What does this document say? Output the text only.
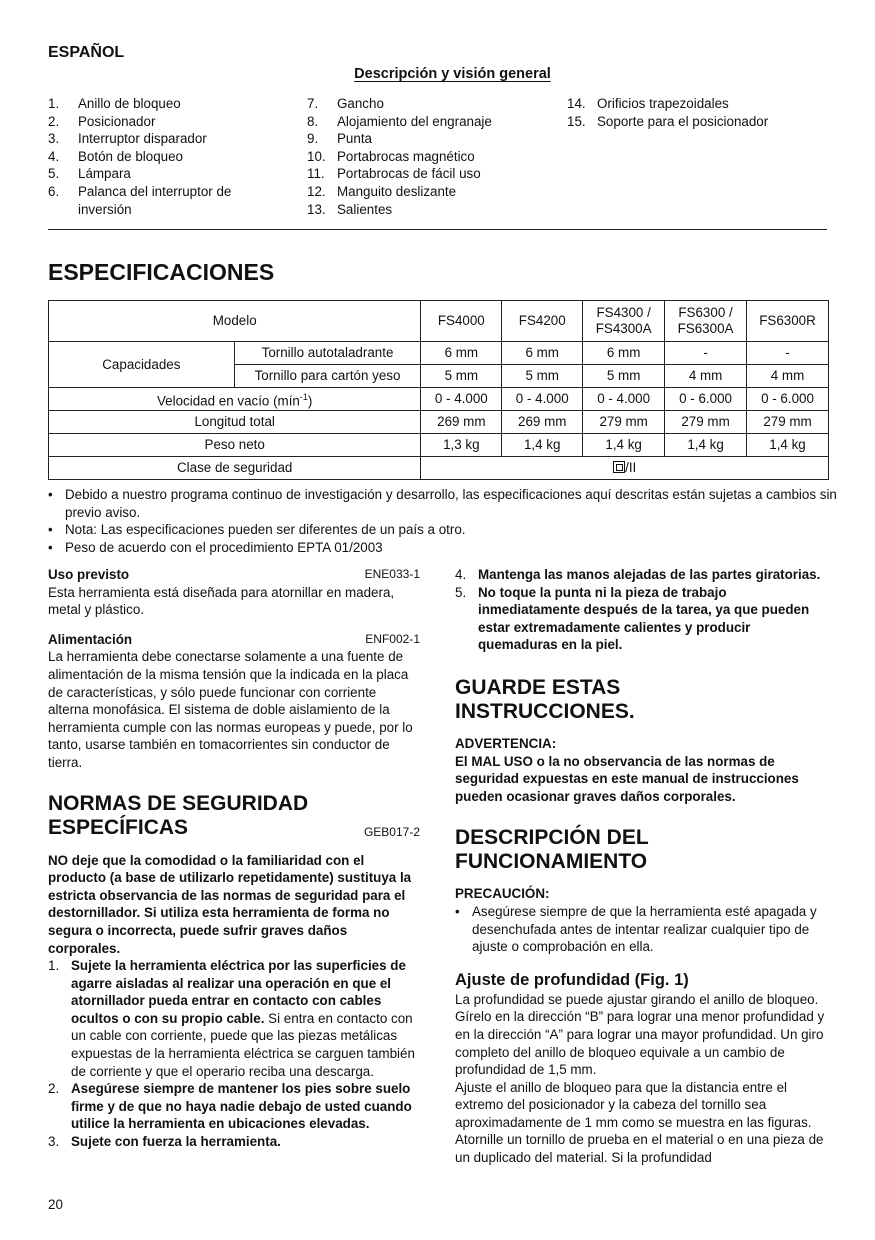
ESPAÑOL
Descripción y visión general
1.	Anillo de bloqueo
2.	Posicionador
3.	Interruptor disparador
4.	Botón de bloqueo
5.	Lámpara
6.	Palanca del interruptor de inversión
7.	Gancho
8.	Alojamiento del engranaje
9.	Punta
10. Portabrocas magnético
11. Portabrocas de fácil uso
12. Manguito deslizante
13. Salientes
14. Orificios trapezoidales
15. Soporte para el posicionador
ESPECIFICACIONES
Modelo		FS4000	FS4200	FS4300 / FS4300A	FS6300 / FS6300A	FS6300R
Capacidades	Tornillo autotaladrante	6 mm	6 mm	6 mm	-	-
	Tornillo para cartón yeso	5 mm	5 mm	5 mm	4 mm	4 mm
Velocidad en vacío (mín$^{-1}$)		0 - 4.000	0 - 4.000	0 - 4.000	0 - 6.000	0 - 6.000
Longitud total		269 mm	269 mm	279 mm	279 mm	279 mm
Peso neto		1,3 kg	1,4 kg	1,4 kg	1,4 kg	1,4 kg
Clase de seguridad		/II				
• Debido a nuestro programa continuo de investigación y desarrollo, las especificaciones aquí descritas están sujetas a cambios sin previo aviso.
• Nota: Las especificaciones pueden ser diferentes de un país a otro.
• Peso de acuerdo con el procedimiento EPTA 01/2003
Uso previsto	ENE033-1
Esta herramienta está diseñada para atornillar en madera, metal y plástico.
Alimentación	ENF002-1
La herramienta debe conectarse solamente a una fuente de alimentación de la misma tensión que la indicada en la placa de características, y sólo puede funcionar con corriente alterna monofásica. El sistema de doble aislamiento de la herramienta cumple con las normas europeas y puede, por lo tanto, usarse también en tomacorrientes sin conductor de tierra.
NORMAS DE SEGURIDAD
ESPECÍFICAS	GEB017-2
NO deje que la comodidad o la familiaridad con el producto (a base de utilizarlo repetidamente) sustituya la estricta observancia de las normas de seguridad para el destornillador. Si utiliza esta herramienta de forma no segura o incorrecta, puede sufrir graves daños corporales.
1. Sujete la herramienta eléctrica por las superficies de agarre aisladas al realizar una operación en que el atornillador pueda entrar en contacto con cables ocultos o con su propio cable. Si entra en contacto con un cable con corriente, puede que las piezas metálicas expuestas de la herramienta eléctrica se carguen también de corriente y que el operario reciba una descarga.
2. Asegúrese siempre de mantener los pies sobre suelo firme y de que no haya nadie debajo de usted cuando utilice la herramienta en ubicaciones elevadas.
3. Sujete con fuerza la herramienta.
4. Mantenga las manos alejadas de las partes giratorias.
5. No toque la punta ni la pieza de trabajo inmediatamente después de la tarea, ya que pueden estar extremadamente calientes y producir quemaduras en la piel.
GUARDE ESTAS
INSTRUCCIONES.
ADVERTENCIA:
El MAL USO o la no observancia de las normas de seguridad expuestas en este manual de instrucciones pueden ocasionar graves daños corporales.
DESCRIPCIÓN DEL
FUNCIONAMIENTO
PRECAUCIÓN:
• Asegúrese siempre de que la herramienta esté apagada y desenchufada antes de intentar realizar cualquier tipo de ajuste o comprobación en ella.
Ajuste de profundidad (Fig. 1)
La profundidad se puede ajustar girando el anillo de bloqueo. Gírelo en la dirección “B” para lograr una menor profundidad y en la dirección “A” para lograr una mayor profundidad. Un giro completo del anillo de bloqueo equivale a un cambio de profundidad de 1,5 mm.
Ajuste el anillo de bloqueo para que la distancia entre el extremo del posicionador y la cabeza del tornillo sea aproximadamente de 1 mm como se muestra en las figuras. Atornille un tornillo de prueba en el material o en una pieza de un duplicado del material. Si la profundidad
20
